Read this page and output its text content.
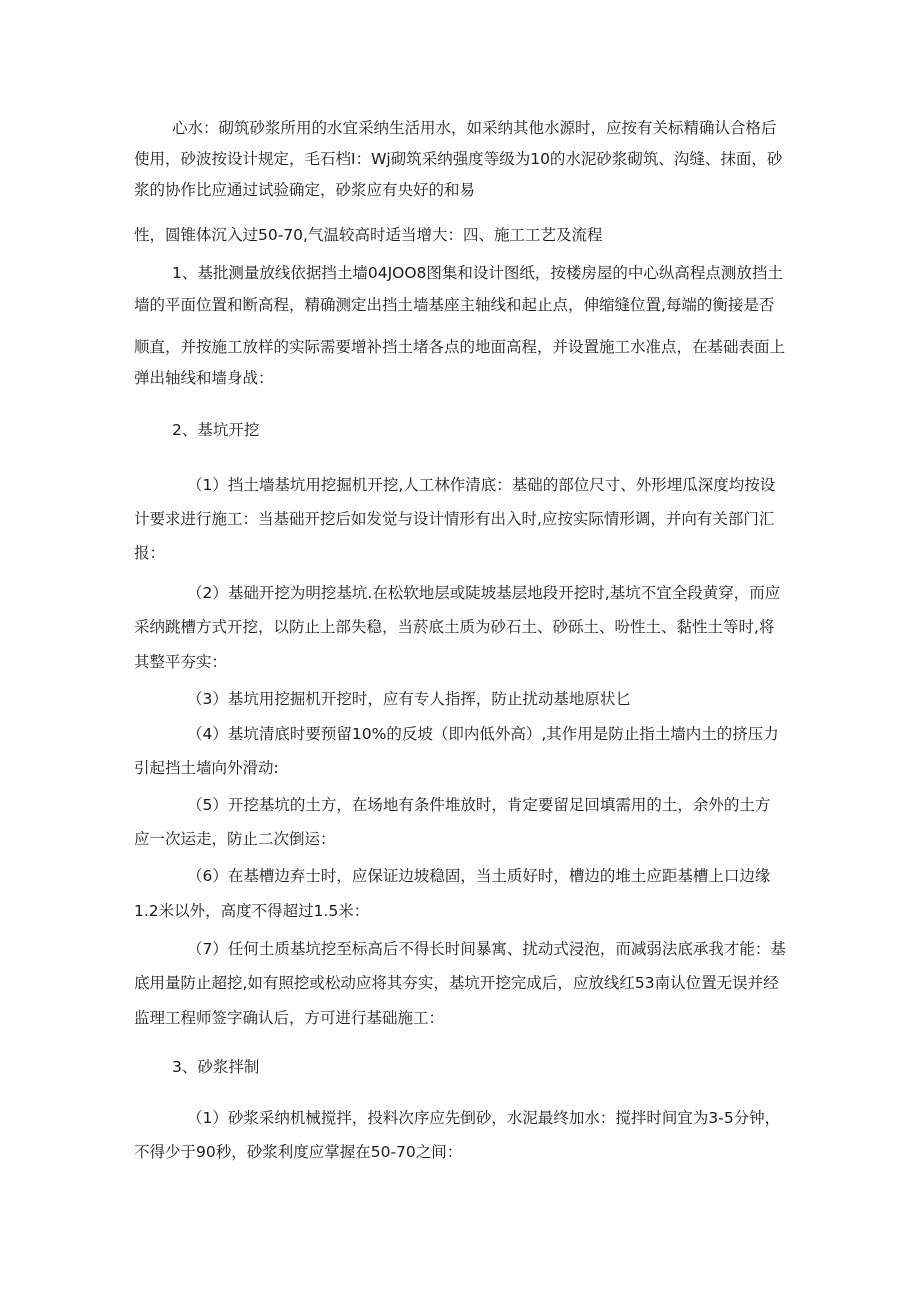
心水：砌筑砂浆所用的水宜采纳生活用水，如采纳其他水源时，应按有关标精确认合格后
使用，砂波按设计规定，毛石档I：Wj砌筑采纳强度等级为10的水泥砂浆砌筑、沟缝、抹面，砂
浆的协作比应通过试验确定，砂浆应有央好的和易
性，圆锥体沉入过50-70,气温较高时适当增大：四、施工工艺及流程
1、基批测量放线依据挡土墙04JOO8图集和设计图纸，按楼房屋的中心纵高程点测放挡土
墙的平面位置和断高程，精确测定出挡土墙基座主轴线和起止点，伸缩缝位置,每端的衡接是否
顺直，并按施工放样的实际需要增补挡土堵各点的地面高程，并设置施工水准点，在基础表面上
弹出轴线和墙身战：
2、基坑开挖
（1）挡土墙基坑用挖掘机开挖,人工林作清底：基础的部位尺寸、外形埋瓜深度均按设
计要求进行施工：当基础开挖后如发觉与设计情形有出入时,应按实际情形调，并向有关部门汇
报：
（2）基础开挖为明挖基坑.在松软地层或陡坡基层地段开挖时,基坑不宜全段黄穿，而应
采纳跳槽方式开挖，以防止上部失稳，当菸底土质为砂石土、砂砾土、吩性土、黏性土等时,将
其整平夯实：
（3）基坑用挖掘机开挖时，应有专人指挥，防止扰动基地原状匕
（4）基坑清底时要预留10%的反坡（即内低外高）,其作用是防止指土墙内土的挤压力
引起挡土墙向外滑动:
（5）开挖基坑的土方，在场地有条件堆放时，肯定要留足回填需用的土，余外的土方
应一次运走，防止二次倒运：
（6）在基槽边弃士时，应保证边坡稳固，当土质好时，槽边的堆土应距基槽上口边缘
1.2米以外，高度不得超过1.5米：
（7）任何土质基坑挖至标高后不得长时间暴寓、扰动式浸泡，而减弱法底承我才能：基
底用量防止超挖,如有照挖或松动应将其夯实，基坑开挖完成后，应放线红53南认位置无误并经
监理工程师签字确认后，方可进行基础施工：
3、砂浆拌制
（1）砂浆采纳机械搅拌，投料次序应先倒砂，水泥最终加水：搅拌时间宜为3-5分钟，
不得少于90秒，砂浆利度应掌握在50-70之间：
